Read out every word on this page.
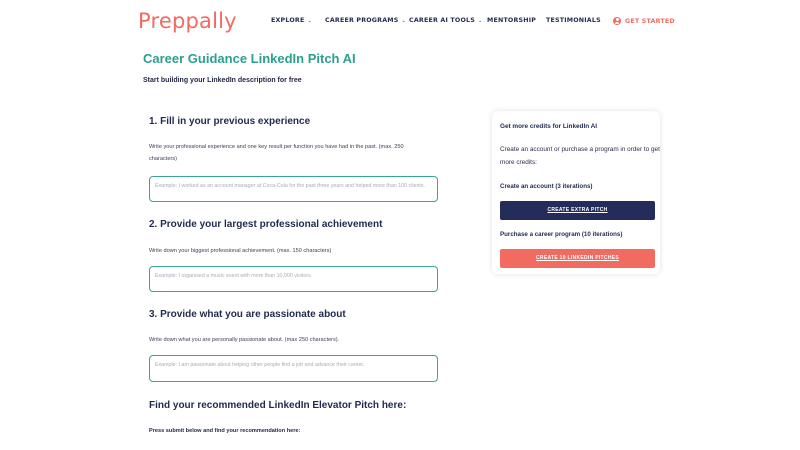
Preppally	EXPLORE ⌄ CAREER PROGRAMS ⌄ CAREER AI TOOLS ⌄ MENTORSHIP TESTIMONIALS	GET STARTED
Career Guidance LinkedIn Pitch AI
Start building your LinkedIn description for free
1. Fill in your previous experience
Write your professional experience and one key result per function you have had in the past. (max. 250 characters)
Example: I worked as an account manager at Coca-Cola for the past three years and helped more than 100 clients.
2. Provide your largest professional achievement
Write down your biggest professional achievement. (max. 150 characters)
Example: I organised a music event with more than 10,000 visitors.
3. Provide what you are passionate about
Write down what you are personally passionate about. (max 250 characters).
Example: I am passionate about helping other people find a job and advance their career.
Find your recommended LinkedIn Elevator Pitch here:
Press submit below and find your recommendation here:
Get more credits for LinkedIn AI
Create an account or purchase a program in order to get more credits:
Create an account (3 iterations)
CREATE EXTRA PITCH
Purchase a career program (10 iterations)
CREATE 10 LINKEDIN PITCHES
